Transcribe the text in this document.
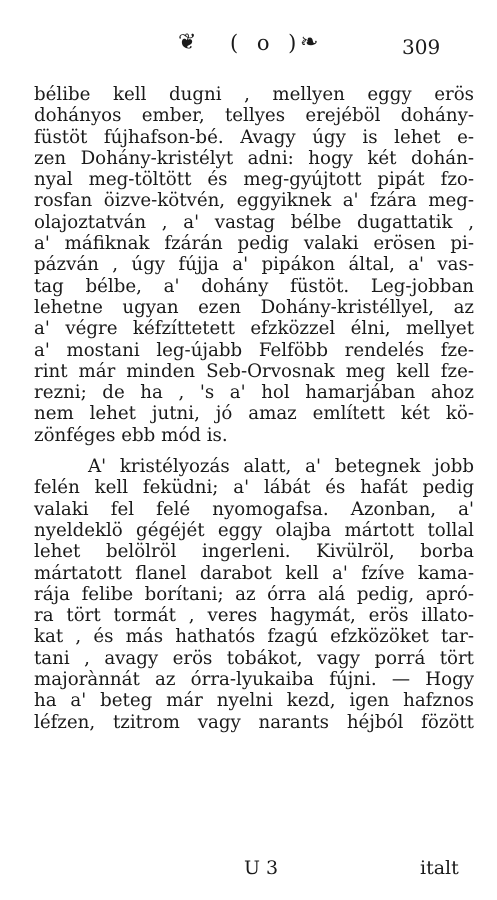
❦ ( o )
❧	309
bélibe kell dugni , mellyen eggy erös
dohányos ember, tellyes erejéböl dohány-
füstöt fújhafson-bé. Avagy úgy is lehet e-
zen Dohány-kristélyt adni: hogy két dohán-
nyal meg-töltött és meg-gyújtott pipát fzo-
rosfan öizve-kötvén, eggyiknek a' fzára meg-
olajoztatván , a' vastag bélbe dugattatik ,
a' máfiknak fzárán pedig valaki erösen pi-
pázván , úgy fújja a' pipákon által, a' vas-
tag bélbe, a' dohány füstöt. Leg-jobban
lehetne ugyan ezen Dohány-kristéllyel, az
a' végre kéfzíttetett efzközzel élni, mellyet
a' mostani leg-újabb Felföbb rendelés fze-
rint már minden Seb-Orvosnak meg kell fze-
rezni; de ha , 's a' hol hamarjában ahoz
nem lehet jutni, jó amaz említett két kö-
zönféges ebb mód is.
A' kristélyozás alatt, a' betegnek jobb
felén kell feküdni; a' lábát és hafát pedig
valaki fel felé nyomogafsa. Azonban, a'
nyeldeklö gégéjét eggy olajba mártott tollal
lehet belölröl ingerleni. Kivülröl, borba
mártatott flanel darabot kell a' fzíve kama-
rája felibe borítani; az órra alá pedig, apró-
ra tört tormát , veres hagymát, erös illato-
kat , és más hathatós fzagú efzközöket tar-
tani , avagy erös tobákot, vagy porrá tört
majorànnát az órra-lyukaiba fújni. — Hogy
ha a' beteg már nyelni kezd, igen hafznos
léfzen, tzitrom vagy narants héjból fözött
U 3	italt
